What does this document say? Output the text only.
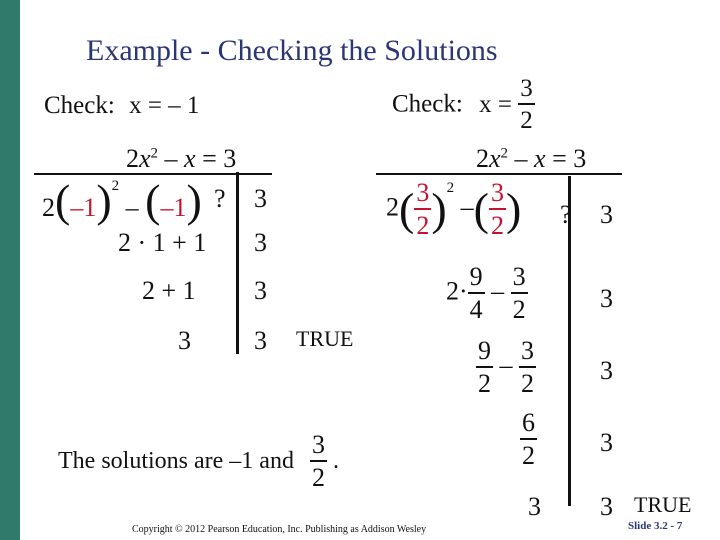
Example - Checking the Solutions
Check: x = – 1
$2x^2 - x = 3$
$2(-1)^2 - (-1)$ ? 3
2 · 1 + 1 3
2 + 1 3
3 3 TRUE
Check: $x = \frac{3}{2}$
$2x^2 - x = 3$
$2( \frac{3}{2} )^2$ –( $\frac{3}{2}$ ) ? 3
$2\cdot \frac{9}{4} - \frac{3}{2}$	3
$\frac{9}{2} - \frac{3}{2} 3$
$\frac{6}{2} 3$
3 3 TRUE
The solutions are –1 and $\frac{3}{2}$ .
Copyright © 2012 Pearson Education, Inc. Publishing as Addison Wesley	Slide 3.2 - 7
